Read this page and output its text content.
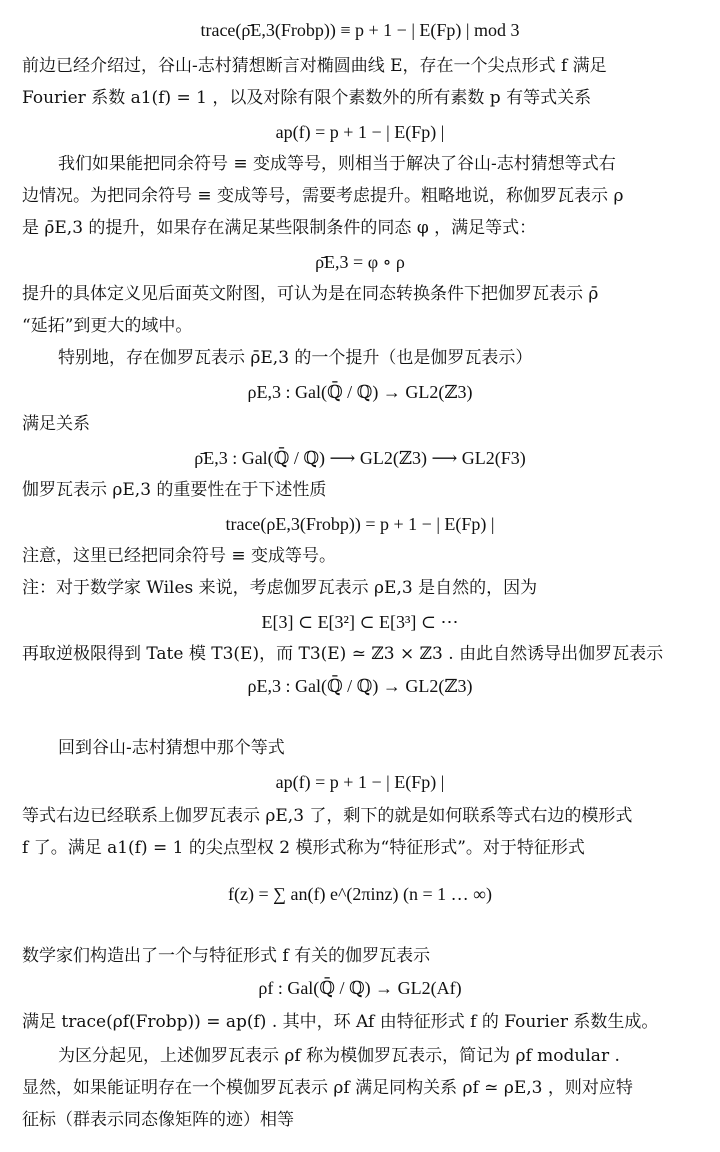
trace(ρ̄E,3(Frobp)) ≡ p + 1 − | E(Fp) | mod 3
前边已经介绍过，谷山-志村猜想断言对椭圆曲线 E，存在一个尖点形式 f 满足
Fourier 系数 a1(f) = 1 ，以及对除有限个素数外的所有素数 p 有等式关系
ap(f) = p + 1 − | E(Fp) |
我们如果能把同余符号 ≡ 变成等号，则相当于解决了谷山-志村猜想等式右
边情况。为把同余符号 ≡ 变成等号，需要考虑提升。粗略地说，称伽罗瓦表示 ρ
是 ρ̄E,3 的提升，如果存在满足某些限制条件的同态 φ ，满足等式：
ρ̄E,3 = φ ∘ ρ
提升的具体定义见后面英文附图，可认为是在同态转换条件下把伽罗瓦表示 ρ̄
“延拓”到更大的域中。
特别地，存在伽罗瓦表示 ρ̄E,3 的一个提升（也是伽罗瓦表示）
ρE,3 : Gal(ℚ̄ / ℚ) → GL2(ℤ3)
满足关系
ρ̄E,3 : Gal(ℚ̄ / ℚ) ⟶ GL2(ℤ3) ⟶ GL2(F3)
伽罗瓦表示 ρE,3 的重要性在于下述性质
trace(ρE,3(Frobp)) = p + 1 − | E(Fp) |
注意，这里已经把同余符号 ≡ 变成等号。
注：对于数学家 Wiles 来说，考虑伽罗瓦表示 ρE,3 是自然的，因为
E[3] ⊂ E[3²] ⊂ E[3³] ⊂ ⋯
再取逆极限得到 Tate 模 T3(E)，而 T3(E) ≃ ℤ3 × ℤ3 . 由此自然诱导出伽罗瓦表示
ρE,3 : Gal(ℚ̄ / ℚ) → GL2(ℤ3)
回到谷山-志村猜想中那个等式
ap(f) = p + 1 − | E(Fp) |
等式右边已经联系上伽罗瓦表示 ρE,3 了，剩下的就是如何联系等式右边的模形式
f 了。满足 a1(f) = 1 的尖点型权 2 模形式称为“特征形式”。对于特征形式
f(z) = ∑ an(f) e^(2πinz) (n = 1 … ∞)
数学家们构造出了一个与特征形式 f 有关的伽罗瓦表示
ρf : Gal(ℚ̄ / ℚ) → GL2(Af)
满足 trace(ρf(Frobp)) = ap(f) . 其中，环 Af 由特征形式 f 的 Fourier 系数生成。
为区分起见，上述伽罗瓦表示 ρf 称为模伽罗瓦表示，简记为 ρf modular .
显然，如果能证明存在一个模伽罗瓦表示 ρf 满足同构关系 ρf ≃ ρE,3 ，则对应特
征标（群表示同态像矩阵的迹）相等
